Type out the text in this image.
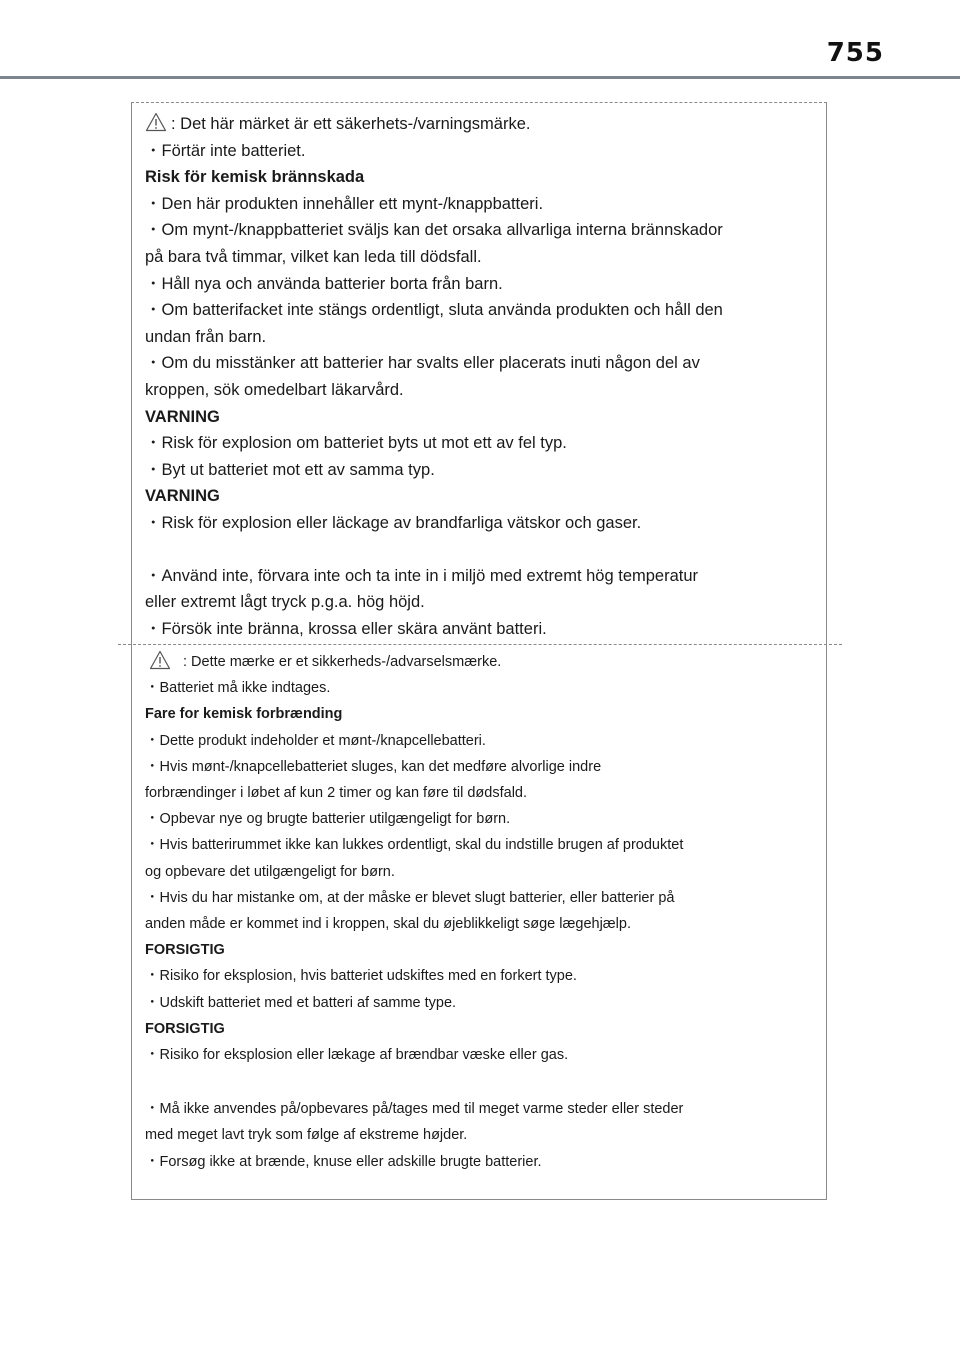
755
: Det här märket är ett säkerhets-/varningsmärke.
・Förtär inte batteriet.
Risk för kemisk brännskada
・Den här produkten innehåller ett mynt-/knappbatteri.
・Om mynt-/knappbatteriet sväljs kan det orsaka allvarliga interna brännskador
på bara två timmar, vilket kan leda till dödsfall.
・Håll nya och använda batterier borta från barn.
・Om batterifacket inte stängs ordentligt, sluta använda produkten och håll den
undan från barn.
・Om du misstänker att batterier har svalts eller placerats inuti någon del av
kroppen, sök omedelbart läkarvård.
VARNING
・Risk för explosion om batteriet byts ut mot ett av fel typ.
・Byt ut batteriet mot ett av samma typ.
VARNING
・Risk för explosion eller läckage av brandfarliga vätskor och gaser.
・Använd inte, förvara inte och ta inte in i miljö med extremt hög temperatur
eller extremt lågt tryck p.g.a. hög höjd.
・Försök inte bränna, krossa eller skära använt batteri.
: Dette mærke er et sikkerheds-/advarselsmærke.
・Batteriet må ikke indtages.
Fare for kemisk forbrænding
・Dette produkt indeholder et mønt-/knapcellebatteri.
・Hvis mønt-/knapcellebatteriet sluges, kan det medføre alvorlige indre
forbrændinger i løbet af kun 2 timer og kan føre til dødsfald.
・Opbevar nye og brugte batterier utilgængeligt for børn.
・Hvis batterirummet ikke kan lukkes ordentligt, skal du indstille brugen af produktet
og opbevare det utilgængeligt for børn.
・Hvis du har mistanke om, at der måske er blevet slugt batterier, eller batterier på
anden måde er kommet ind i kroppen, skal du øjeblikkeligt søge lægehjælp.
FORSIGTIG
・Risiko for eksplosion, hvis batteriet udskiftes med en forkert type.
・Udskift batteriet med et batteri af samme type.
FORSIGTIG
・Risiko for eksplosion eller lækage af brændbar væske eller gas.
・Må ikke anvendes på/opbevares på/tages med til meget varme steder eller steder
med meget lavt tryk som følge af ekstreme højder.
・Forsøg ikke at brænde, knuse eller adskille brugte batterier.
